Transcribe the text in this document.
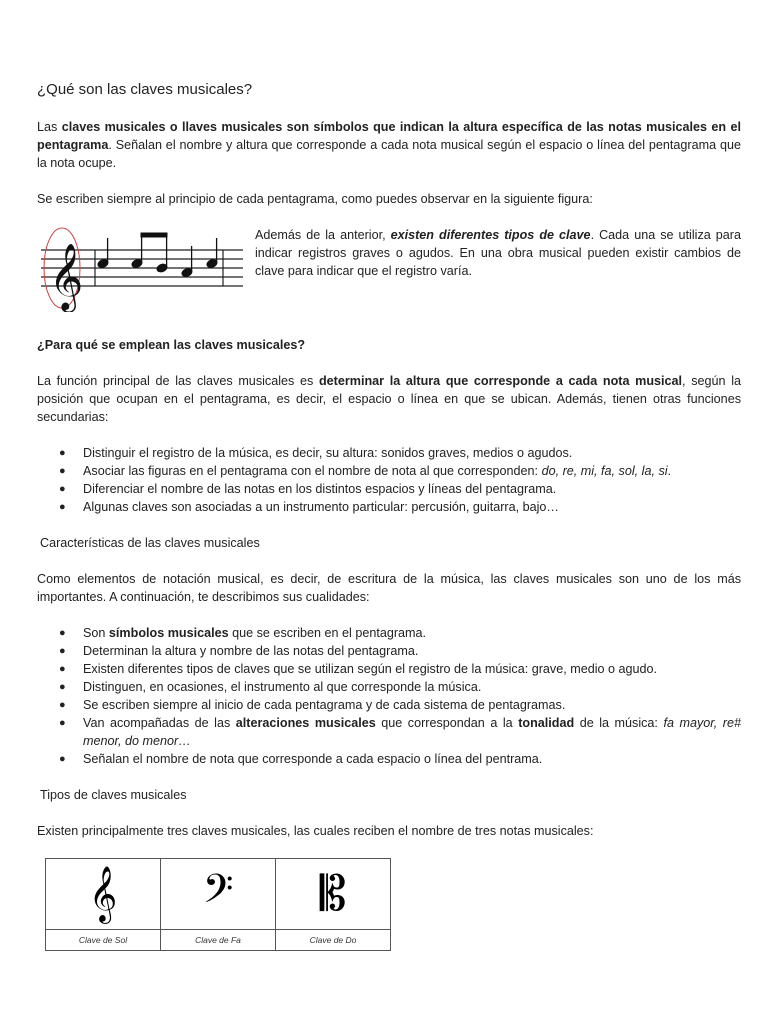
¿Qué son las claves musicales?

Las claves musicales o llaves musicales son símbolos que indican la altura específica de las notas musicales en el pentagrama. Señalan el nombre y altura que corresponde a cada nota musical según el espacio o línea del pentagrama que la nota ocupe.

Se escriben siempre al principio de cada pentagrama, como puedes observar en la siguiente figura:

𝄞
Además de la anterior, existen diferentes tipos de clave. Cada una se utiliza para indicar registros graves o agudos. En una obra musical pueden existir cambios de clave para indicar que el registro varía.
¿Para qué se emplean las claves musicales?

La función principal de las claves musicales es determinar la altura que corresponde a cada nota musical, según la posición que ocupan en el pentagrama, es decir, el espacio o línea en que se ubican. Además, tienen otras funciones secundarias:

● Distinguir el registro de la música, es decir, su altura: sonidos graves, medios o agudos.
● Asociar las figuras en el pentagrama con el nombre de nota al que corresponden: do, re, mi, fa, sol, la, si.
● Diferenciar el nombre de las notas en los distintos espacios y líneas del pentagrama.
● Algunas claves son asociadas a un instrumento particular: percusión, guitarra, bajo…
Características de las claves musicales

Como elementos de notación musical, es decir, de escritura de la música, las claves musicales son uno de los más importantes. A continuación, te describimos sus cualidades:

● Son símbolos musicales que se escriben en el pentagrama.
● Determinan la altura y nombre de las notas del pentagrama.
● Existen diferentes tipos de claves que se utilizan según el registro de la música: grave, medio o agudo.
● Distinguen, en ocasiones, el instrumento al que corresponde la música.
● Se escriben siempre al inicio de cada pentagrama y de cada sistema de pentagramas.
● Van acompañadas de las alteraciones musicales que correspondan a la tonalidad de la música: fa mayor, re# menor, do menor…
● Señalan el nombre de nota que corresponde a cada espacio o línea del pentrama.
Tipos de claves musicales

Existen principalmente tres claves musicales, las cuales reciben el nombre de tres notas musicales:

𝄞	𝄢	𝄡
Clave de Sol	Clave de Fa	Clave de Do
